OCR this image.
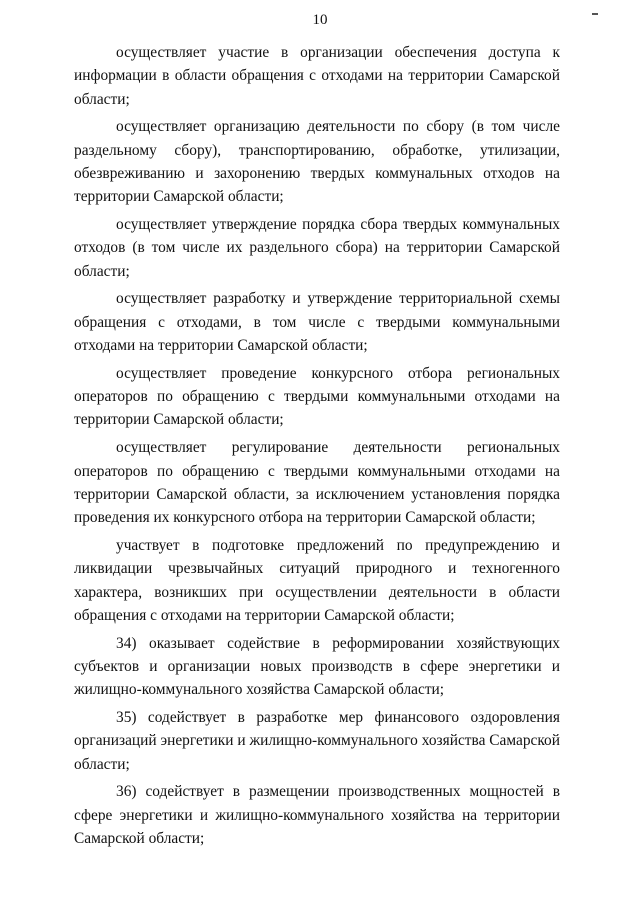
10

осуществляет участие в организации обеспечения доступа к информации в области обращения с отходами на территории Самарской области;

осуществляет организацию деятельности по сбору (в том числе раздельному сбору), транспортированию, обработке, утилизации, обезвреживанию и захоронению твердых коммунальных отходов на территории Самарской области;

осуществляет утверждение порядка сбора твердых коммунальных отходов (в том числе их раздельного сбора) на территории Самарской области;

осуществляет разработку и утверждение территориальной схемы обращения с отходами, в том числе с твердыми коммунальными отходами на территории Самарской области;

осуществляет проведение конкурсного отбора региональных операторов по обращению с твердыми коммунальными отходами на территории Самарской области;

осуществляет регулирование деятельности региональных операторов по обращению с твердыми коммунальными отходами на территории Самарской области, за исключением установления порядка проведения их конкурсного отбора на территории Самарской области;

участвует в подготовке предложений по предупреждению и ликвидации чрезвычайных ситуаций природного и техногенного характера, возникших при осуществлении деятельности в области обращения с отходами на территории Самарской области;

34) оказывает содействие в реформировании хозяйствующих субъектов и организации новых производств в сфере энергетики и жилищно-коммунального хозяйства Самарской области;

35) содействует в разработке мер финансового оздоровления организаций энергетики и жилищно-коммунального хозяйства Самарской области;

36) содействует в размещении производственных мощностей в сфере энергетики и жилищно-коммунального хозяйства на территории Самарской области;
